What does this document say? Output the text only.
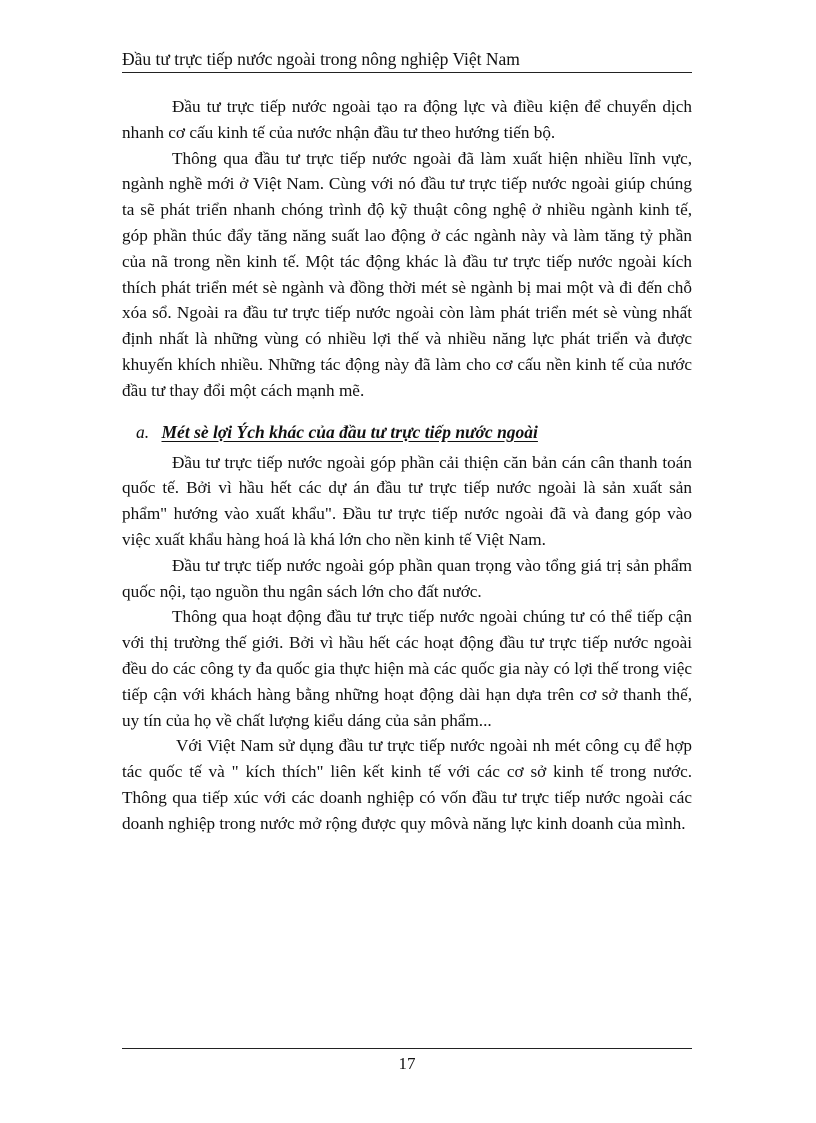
Đầu tư trực tiếp nước ngoài trong nông nghiệp Việt Nam

Đầu tư trực tiếp nước ngoài tạo ra động lực và điều kiện để chuyển dịch nhanh cơ cấu kinh tế của nước nhận đầu tư theo hướng tiến bộ.

Thông qua đầu tư trực tiếp nước ngoài đã làm xuất hiện nhiều lĩnh vực, ngành nghề mới ở Việt Nam. Cùng với nó đầu tư trực tiếp nước ngoài giúp chúng ta sẽ phát triển nhanh chóng trình độ kỹ thuật công nghệ ở nhiều ngành kinh tế, góp phần thúc đẩy tăng năng suất lao động ở các ngành này và làm tăng tỷ phần của nã trong nền kinh tế. Một tác động khác là đầu tư trực tiếp nước ngoài kích thích phát triển mét sè ngành và đồng thời mét sè ngành bị mai một và đi đến chỗ xóa sổ. Ngoài ra đầu tư trực tiếp nước ngoài còn làm phát triển mét sè vùng nhất định nhất là những vùng có nhiều lợi thế và nhiều năng lực phát triển và được khuyến khích nhiều. Những tác động này đã làm cho cơ cấu nền kinh tế của nước đầu tư thay đổi một cách mạnh mẽ.

a. Mét sè lợi Ých khác của đầu tư trực tiếp nước ngoài

Đầu tư trực tiếp nước ngoài góp phần cải thiện căn bản cán cân thanh toán quốc tế. Bởi vì hầu hết các dự án đầu tư trực tiếp nước ngoài là sản xuất sản phẩm" hướng vào xuất khẩu". Đầu tư trực tiếp nước ngoài đã và đang góp vào việc xuất khẩu hàng hoá là khá lớn cho nền kinh tế Việt Nam.

Đầu tư trực tiếp nước ngoài góp phần quan trọng vào tổng giá trị sản phẩm quốc nội, tạo nguồn thu ngân sách lớn cho đất nước.

Thông qua hoạt động đầu tư trực tiếp nước ngoài chúng tư có thể tiếp cận với thị trường thế giới. Bởi vì hầu hết các hoạt động đầu tư trực tiếp nước ngoài đều do các công ty đa quốc gia thực hiện mà các quốc gia này có lợi thế trong việc tiếp cận với khách hàng bằng những hoạt động dài hạn dựa trên cơ sở thanh thế, uy tín của họ về chất lượng kiểu dáng của sản phẩm...

Với Việt Nam sử dụng đầu tư trực tiếp nước ngoài nh mét công cụ để hợp tác quốc tế và " kích thích" liên kết kinh tế với các cơ sở kinh tế trong nước. Thông qua tiếp xúc với các doanh nghiệp có vốn đầu tư trực tiếp nước ngoài các doanh nghiệp trong nước mở rộng được quy môvà năng lực kinh doanh của mình.

17
